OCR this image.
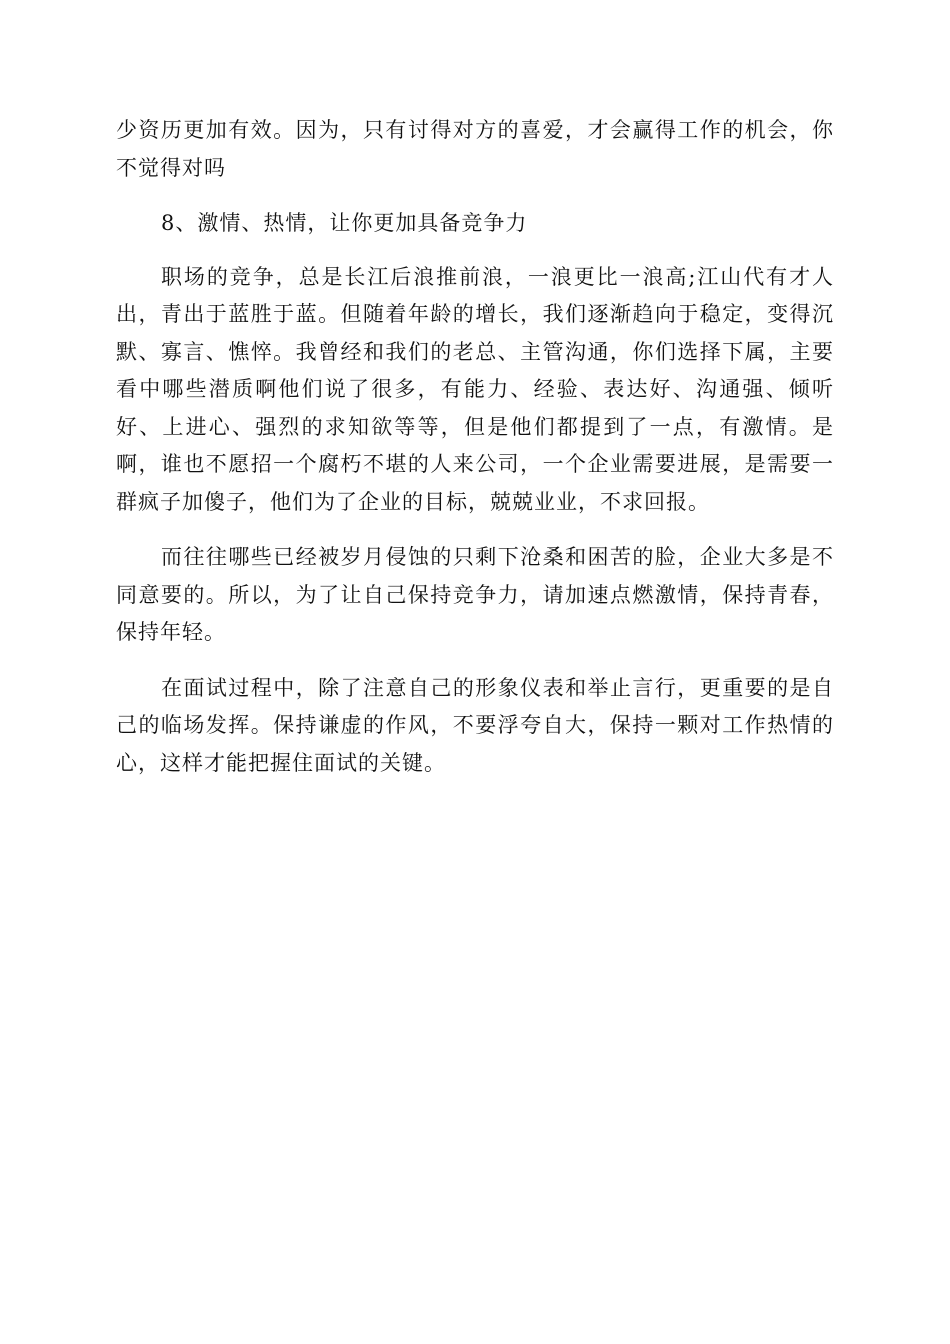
少资历更加有效。因为，只有讨得对方的喜爱，才会赢得工作的机会，你不觉得对吗

8、激情、热情，让你更加具备竞争力

职场的竞争，总是长江后浪推前浪，一浪更比一浪高;江山代有才人出，青出于蓝胜于蓝。但随着年龄的增长，我们逐渐趋向于稳定，变得沉默、寡言、憔悴。我曾经和我们的老总、主管沟通，你们选择下属，主要看中哪些潜质啊他们说了很多，有能力、经验、表达好、沟通强、倾听好、上进心、强烈的求知欲等等，但是他们都提到了一点，有激情。是啊，谁也不愿招一个腐朽不堪的人来公司，一个企业需要进展，是需要一群疯子加傻子，他们为了企业的目标，兢兢业业，不求回报。

而往往哪些已经被岁月侵蚀的只剩下沧桑和困苦的脸，企业大多是不同意要的。所以，为了让自己保持竞争力，请加速点燃激情，保持青春，保持年轻。

在面试过程中，除了注意自己的形象仪表和举止言行，更重要的是自己的临场发挥。保持谦虚的作风，不要浮夸自大，保持一颗对工作热情的心，这样才能把握住面试的关键。
